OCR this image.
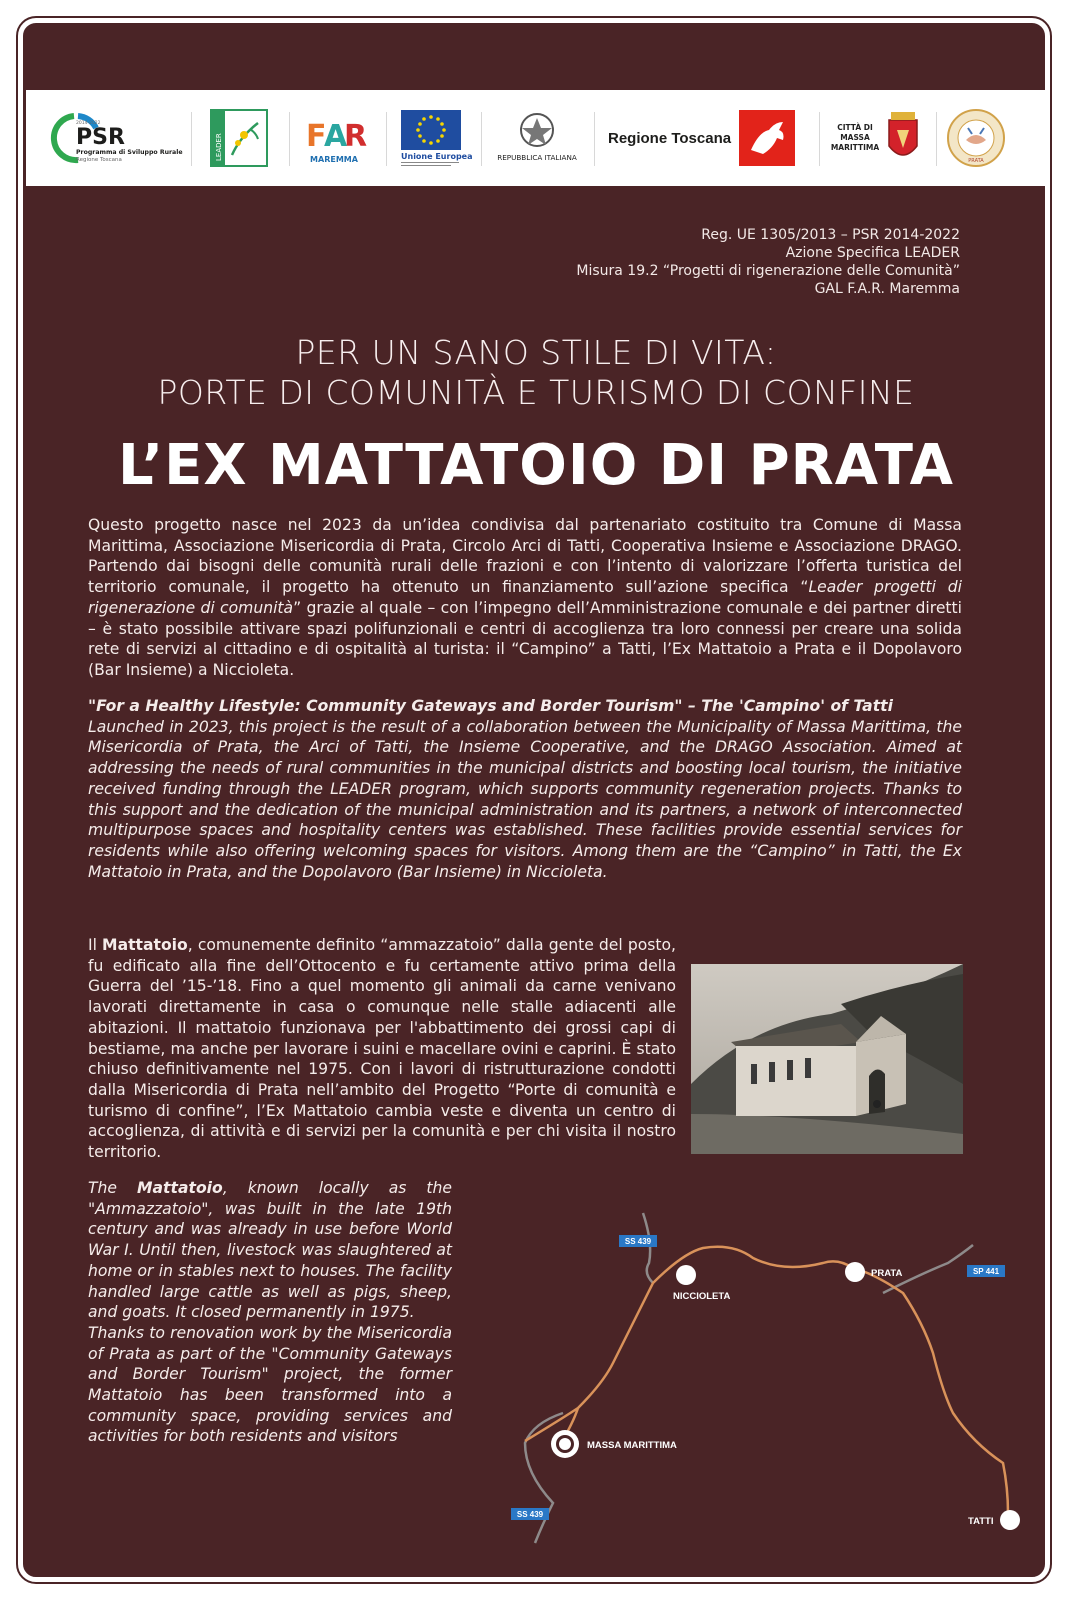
PSR
Programma di Sviluppo Rurale
Regione Toscana
2014-2022
LEADER	F
A
R
MAREMMA	Unione Europea	REPUBBLICA ITALIANA
Regione Toscana
CITTÀ DI
MASSA
MARITTIMA
PRATA
Reg. UE 1305/2013 – PSR 2014-2022
Azione Specifica LEADER
Misura 19.2 “Progetti di rigenerazione delle Comunità”
GAL F.A.R. Maremma
PER UN SANO STILE DI VITA:
PORTE DI COMUNITÀ E TURISMO DI CONFINE
L’EX MATTATOIO DI PRATA
Questo progetto nasce nel 2023 da un’idea condivisa dal partenariato costituito tra Comune di Massa Marittima, Associazione Misericordia di Prata, Circolo Arci di Tatti, Cooperativa Insieme e Associazione DRAGO. Partendo dai bisogni delle comunità rurali delle frazioni e con l’intento di valorizzare l’offerta turistica del territorio comunale, il progetto ha ottenuto un finanziamento sull’azione specifica “Leader progetti di rigenerazione di comunità” grazie al quale – con l’impegno dell’Amministrazione comunale e dei partner diretti – è stato possibile attivare spazi polifunzionali e centri di accoglienza tra loro connessi per creare una solida rete di servizi al cittadino e di ospitalità al turista: il “Campino” a Tatti, l’Ex Mattatoio a Prata e il Dopolavoro (Bar Insieme) a Niccioleta.
"For a Healthy Lifestyle: Community Gateways and Border Tourism" – The 'Campino' of Tatti
Launched in 2023, this project is the result of a collaboration between the Municipality of Massa Marittima, the Misericordia of Prata, the Arci of Tatti, the Insieme Cooperative, and the DRAGO Association. Aimed at addressing the needs of rural communities in the municipal districts and boosting local tourism, the initiative received funding through the LEADER program, which supports community regeneration projects. Thanks to this support and the dedication of the municipal administration and its partners, a network of interconnected multipurpose spaces and hospitality centers was established. These facilities provide essential services for residents while also offering welcoming spaces for visitors. Among them are the “Campino” in Tatti, the Ex Mattatoio in Prata, and the Dopolavoro (Bar Insieme) in Niccioleta.
Il Mattatoio, comunemente definito “ammazzatoio” dalla gente del posto, fu edificato alla fine dell’Ottocento e fu certamente attivo prima della Guerra del ’15-’18. Fino a quel momento gli animali da carne venivano lavorati direttamente in casa o comunque nelle stalle adiacenti alle abitazioni. Il mattatoio funzionava per l'abbattimento dei grossi capi di bestiame, ma anche per lavorare i suini e macellare ovini e caprini. È stato chiuso definitivamente nel 1975. Con i lavori di ristrutturazione condotti dalla Misericordia di Prata nell’ambito del Progetto “Porte di comunità e turismo di confine”, l’Ex Mattatoio cambia veste e diventa un centro di accoglienza, di attività e di servizi per la comunità e per chi visita il nostro territorio.
The Mattatoio, known locally as the "Ammazzatoio", was built in the late 19th century and was already in use before World War I. Until then, livestock was slaughtered at home or in stables next to houses. The facility handled large cattle as well as pigs, sheep, and goats. It closed permanently in 1975.
Thanks to renovation work by the Misericordia of Prata as part of the "Community Gateways and Border Tourism" project, the former Mattatoio has been transformed into a community space, providing services and activities for both residents and visitors
SS 439
SP 441
SS 439
NICCIOLETA
PRATA
MASSA MARITTIMA
TATTI
